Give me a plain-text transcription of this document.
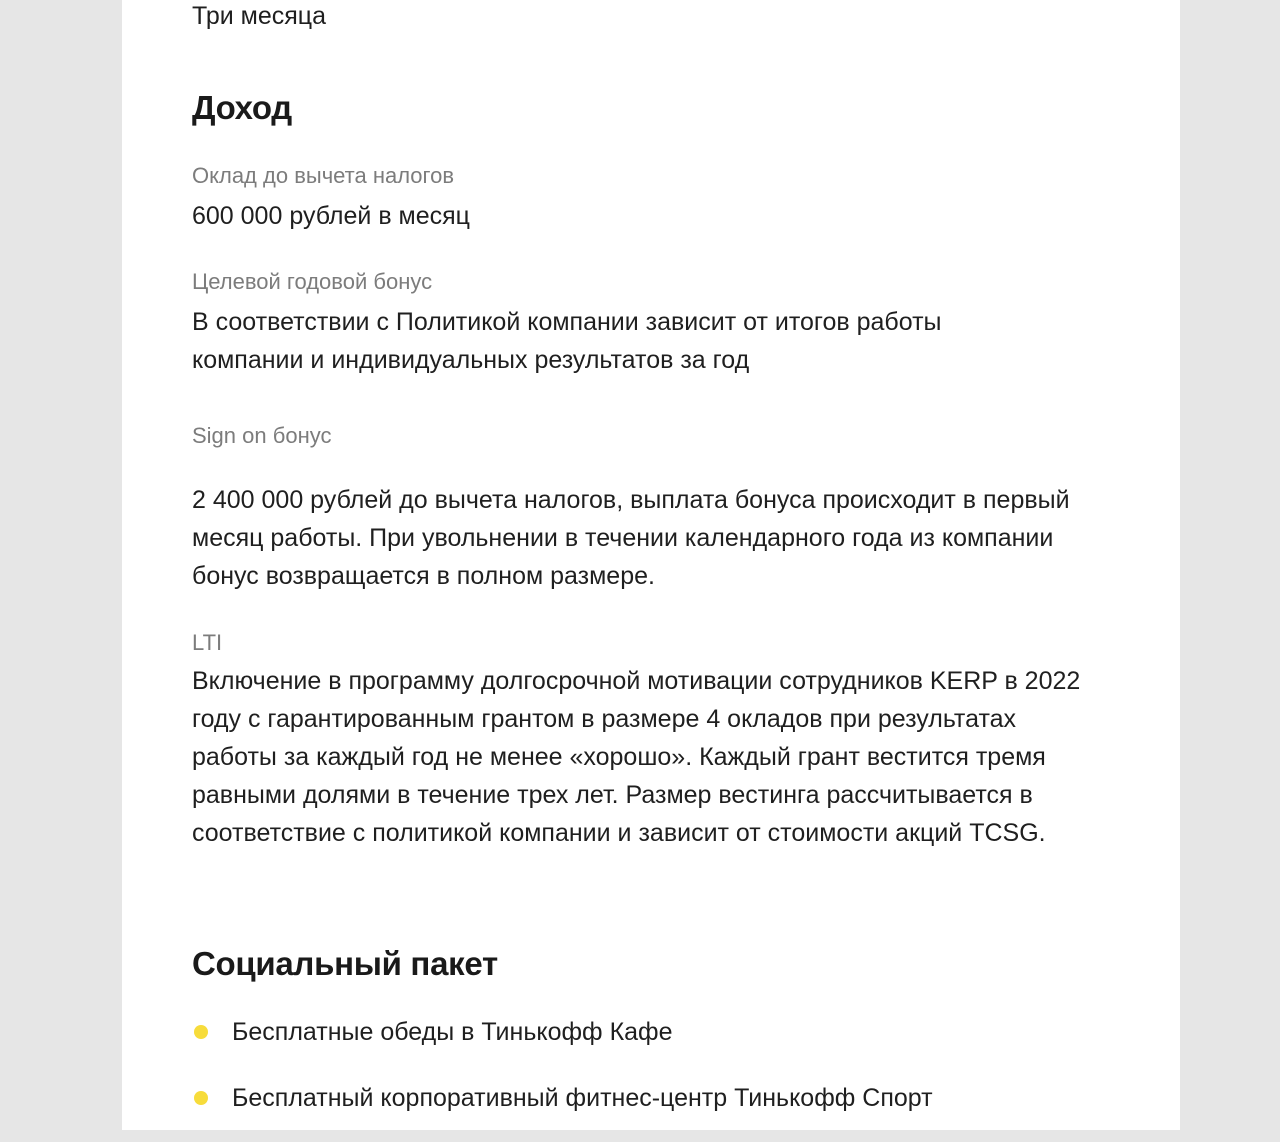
Три месяца
Доход
Оклад до вычета налогов
600 000 рублей в месяц
Целевой годовой бонус
В соответствии с Политикой компании зависит от итогов работы компании и индивидуальных результатов за год
Sign on бонус
2 400 000 рублей до вычета налогов, выплата бонуса происходит в первый месяц работы. При увольнении в течении календарного года из компании бонус возвращается в полном размере.
LTI
Включение в программу долгосрочной мотивации сотрудников KERP в 2022 году с гарантированным грантом в размере 4 окладов при результатах работы за каждый год не менее «хорошо». Каждый грант вестится тремя равными долями в течение трех лет. Размер вестинга рассчитывается в соответствие с политикой компании и зависит от стоимости акций TCSG.
Социальный пакет
Бесплатные обеды в Тинькофф Кафе
Бесплатный корпоративный фитнес-центр Тинькофф Спорт
